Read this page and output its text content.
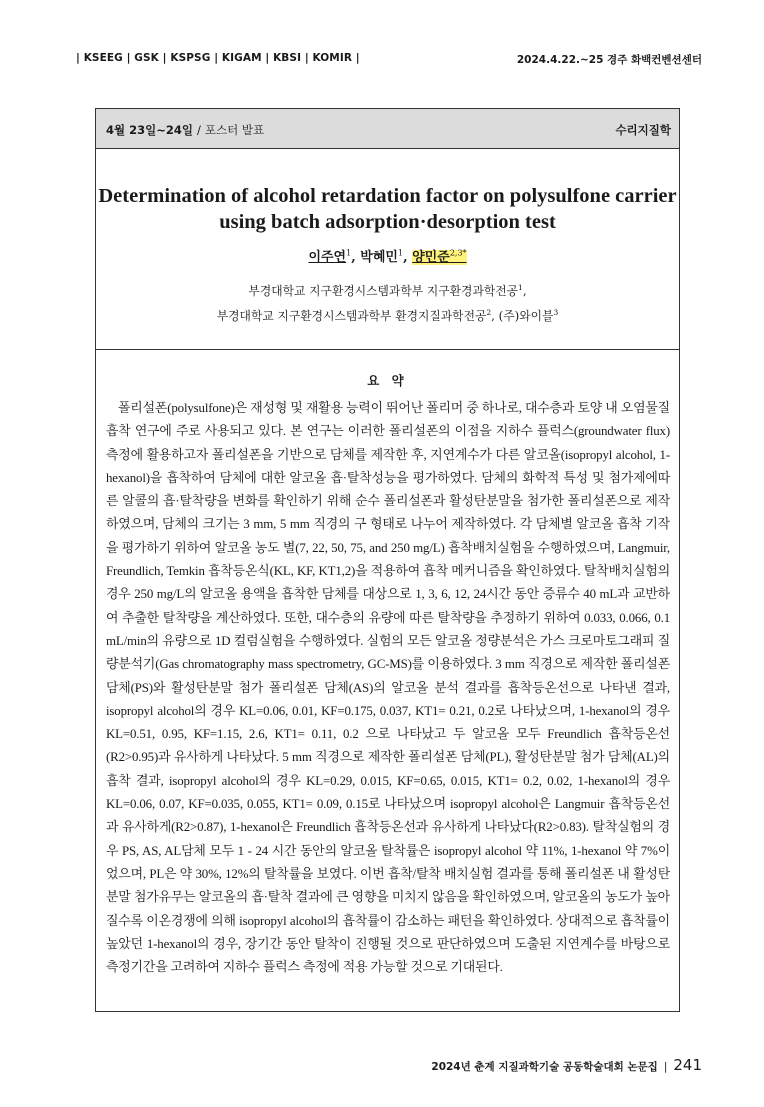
| KSEEG | GSK | KSPSG | KIGAM | KBSI | KOMIR |	2024.4.22.~25 경주 화백컨벤션센터
4월 23일~24일 / 포스터 발표	수리지질학
Determination of alcohol retardation factor on polysulfone carrier
using batch adsorption·desorption test
이주연$^1$, 박혜민$^1$, 양민준$^{2,3*}$
부경대학교 지구환경시스템과학부 지구환경과학전공$^1$,
부경대학교 지구환경시스템과학부 환경지질과학전공$^2$, (주)와이블$^3$
요 약
폴리설폰(polysulfone)은 재성형 및 재활용 능력이 뛰어난 폴리머 중 하나로, 대수층과 토양 내 오염물질 흡착 연구에 주로 사용되고 있다. 본 연구는 이러한 폴리설폰의 이점을 지하수 플럭스(groundwater flux) 측정에 활용하고자 폴리설폰을 기반으로 담체를 제작한 후, 지연계수가 다른 알코올(isopropyl alcohol, 1-hexanol)을 흡착하여 담체에 대한 알코올 흡·탈착성능을 평가하였다. 담체의 화학적 특성 및 첨가제에따른 알콜의 흡·탈착량을 변화를 확인하기 위해 순수 폴리설폰과 활성탄분말을 첨가한 폴리설폰으로 제작하였으며, 담체의 크기는 3 mm, 5 mm 직경의 구 형태로 나누어 제작하였다. 각 담체별 알코올 흡착 기작을 평가하기 위하여 알코올 농도 별(7, 22, 50, 75, and 250 mg/L) 흡착배치실험을 수행하였으며, Langmuir, Freundlich, Temkin 흡착등온식(KL, KF, KT1,2)을 적용하여 흡착 메커니즘을 확인하였다. 탈착배치실험의 경우 250 mg/L의 알코올 용액을 흡착한 담체를 대상으로 1, 3, 6, 12, 24시간 동안 증류수 40 mL과 교반하여 추출한 탈착량을 계산하였다. 또한, 대수층의 유량에 따른 탈착량을 추정하기 위하여 0.033, 0.066, 0.1 mL/min의 유량으로 1D 컬럼실험을 수행하였다. 실험의 모든 알코올 정량분석은 가스 크로마토그래피 질량분석기(Gas chromatography mass spectrometry, GC-MS)를 이용하였다. 3 mm 직경으로 제작한 폴리설폰 담체(PS)와 활성탄분말 첨가 폴리설폰 담체(AS)의 알코올 분석 결과를 흡착등온선으로 나타낸 결과, isopropyl alcohol의 경우 KL=0.06, 0.01, KF=0.175, 0.037, KT1= 0.21, 0.2로 나타났으며, 1-hexanol의 경우 KL=0.51, 0.95, KF=1.15, 2.6, KT1= 0.11, 0.2 으로 나타났고 두 알코올 모두 Freundlich 흡착등온선(R2>0.95)과 유사하게 나타났다. 5 mm 직경으로 제작한 폴리설폰 담체(PL), 활성탄분말 첨가 담체(AL)의 흡착 결과, isopropyl alcohol의 경우 KL=0.29, 0.015, KF=0.65, 0.015, KT1= 0.2, 0.02, 1-hexanol의 경우 KL=0.06, 0.07, KF=0.035, 0.055, KT1= 0.09, 0.15로 나타났으며 isopropyl alcohol은 Langmuir 흡착등온선과 유사하게(R2>0.87), 1-hexanol은 Freundlich 흡착등온선과 유사하게 나타났다(R2>0.83). 탈착실험의 경우 PS, AS, AL담체 모두 1 - 24 시간 동안의 알코올 탈착률은 isopropyl alcohol 약 11%, 1-hexanol 약 7%이었으며, PL은 약 30%, 12%의 탈착률을 보였다. 이번 흡착/탈착 배치실험 결과를 통해 폴리설폰 내 활성탄분말 첨가유무는 알코올의 흡·탈착 결과에 큰 영향을 미치지 않음을 확인하였으며, 알코올의 농도가 높아질수록 이온경쟁에 의해 isopropyl alcohol의 흡착률이 감소하는 패턴을 확인하였다. 상대적으로 흡착률이 높았던 1-hexanol의 경우, 장기간 동안 탈착이 진행될 것으로 판단하였으며 도출된 지연계수를 바탕으로 측정기간을 고려하여 지하수 플럭스 측정에 적용 가능할 것으로 기대된다.
2024년 춘계 지질과학기술 공동학술대회 논문집 | 241
